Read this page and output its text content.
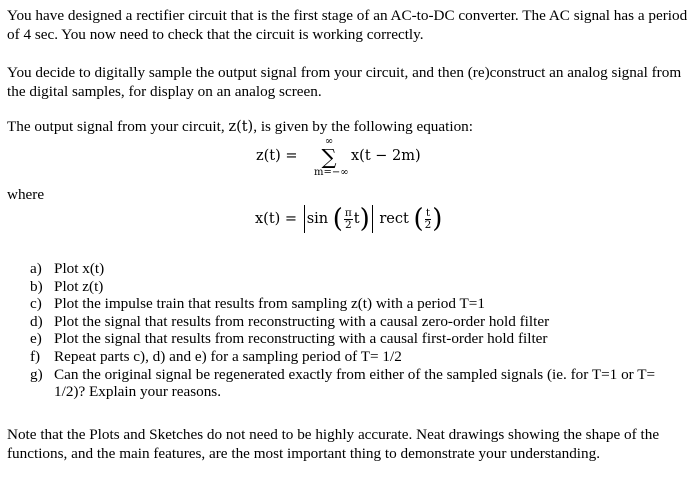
You have designed a rectifier circuit that is the first stage of an AC-to-DC converter. The AC signal has a period of 4 sec. You now need to check that the circuit is working correctly.

You decide to digitally sample the output signal from your circuit, and then (re)construct an analog signal from the digital samples, for display on an analog screen.

The output signal from your circuit, z(t), is given by the following equation:

z(t) =
∞
∑
m=−∞
x(t − 2m)
where
x(t) =
sin
( $\frac{\pi}{2}$ t )
rect
( $\frac{t}{2}$ )
a) Plot x(t)
b) Plot z(t)
c) Plot the impulse train that results from sampling z(t) with a period T=1
d) Plot the signal that results from reconstructing with a causal zero-order hold filter
e) Plot the signal that results from reconstructing with a causal first-order hold filter
f) Repeat parts c), d) and e) for a sampling period of T= 1/2
g) Can the original signal be regenerated exactly from either of the sampled signals (ie. for T=1 or T= 1/2)? Explain your reasons.

Note that the Plots and Sketches do not need to be highly accurate. Neat drawings showing the shape of the functions, and the main features, are the most important thing to demonstrate your understanding.
